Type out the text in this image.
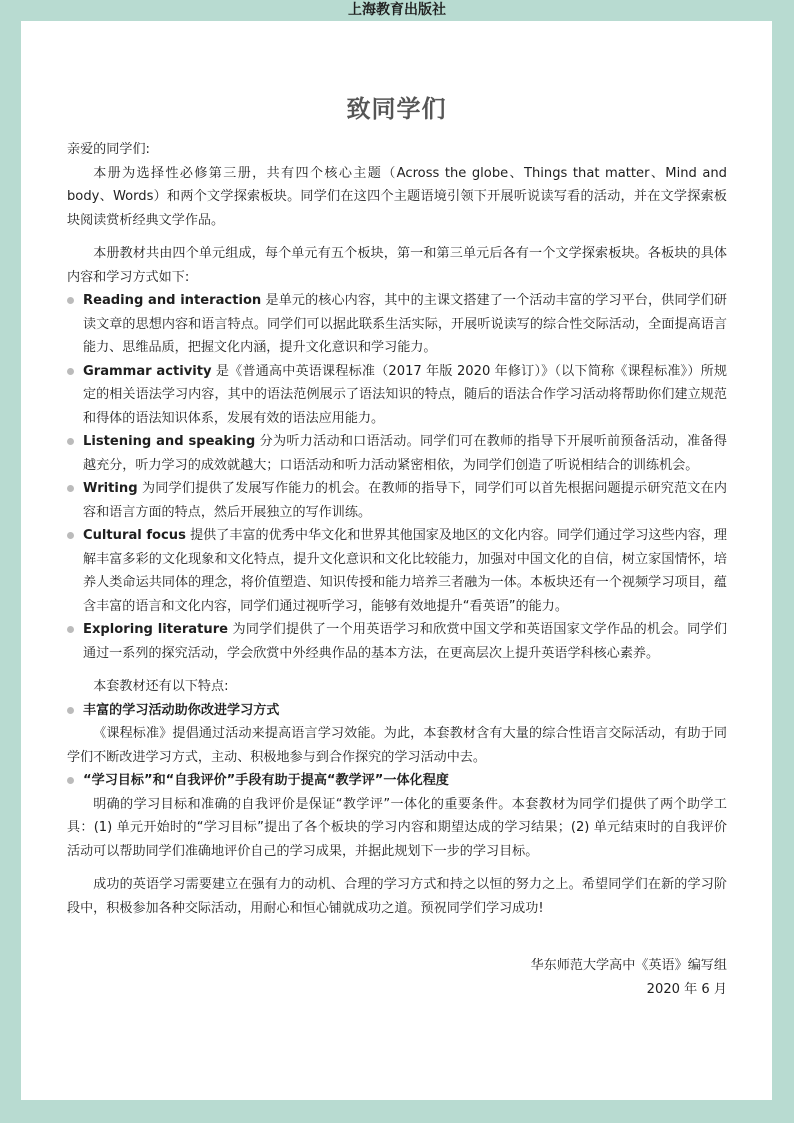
上海教育出版社
致同学们

亲爱的同学们:

本册为选择性必修第三册，共有四个核心主题（Across the globe、Things that matter、Mind and body、Words）和两个文学探索板块。同学们在这四个主题语境引领下开展听说读写看的活动，并在文学探索板块阅读赏析经典文学作品。

本册教材共由四个单元组成，每个单元有五个板块，第一和第三单元后各有一个文学探索板块。各板块的具体内容和学习方式如下:

Reading and interaction 是单元的核心内容，其中的主课文搭建了一个活动丰富的学习平台，供同学们研读文章的思想内容和语言特点。同学们可以据此联系生活实际，开展听说读写的综合性交际活动，全面提高语言能力、思维品质，把握文化内涵，提升文化意识和学习能力。

Grammar activity 是《普通高中英语课程标准（2017 年版 2020 年修订）》（以下简称《课程标准》）所规定的相关语法学习内容，其中的语法范例展示了语法知识的特点，随后的语法合作学习活动将帮助你们建立规范和得体的语法知识体系，发展有效的语法应用能力。

Listening and speaking 分为听力活动和口语活动。同学们可在教师的指导下开展听前预备活动，准备得越充分，听力学习的成效就越大；口语活动和听力活动紧密相依，为同学们创造了听说相结合的训练机会。

Writing 为同学们提供了发展写作能力的机会。在教师的指导下，同学们可以首先根据问题提示研究范文在内容和语言方面的特点，然后开展独立的写作训练。

Cultural focus 提供了丰富的优秀中华文化和世界其他国家及地区的文化内容。同学们通过学习这些内容，理解丰富多彩的文化现象和文化特点，提升文化意识和文化比较能力，加强对中国文化的自信，树立家国情怀，培养人类命运共同体的理念，将价值塑造、知识传授和能力培养三者融为一体。本板块还有一个视频学习项目，蕴含丰富的语言和文化内容，同学们通过视听学习，能够有效地提升“看英语”的能力。

Exploring literature 为同学们提供了一个用英语学习和欣赏中国文学和英语国家文学作品的机会。同学们通过一系列的探究活动，学会欣赏中外经典作品的基本方法，在更高层次上提升英语学科核心素养。

本套教材还有以下特点:

丰富的学习活动助你改进学习方式

《课程标准》提倡通过活动来提高语言学习效能。为此，本套教材含有大量的综合性语言交际活动，有助于同学们不断改进学习方式，主动、积极地参与到合作探究的学习活动中去。

“学习目标”和“自我评价”手段有助于提高“教学评”一体化程度

明确的学习目标和准确的自我评价是保证“教学评”一体化的重要条件。本套教材为同学们提供了两个助学工具：(1) 单元开始时的“学习目标”提出了各个板块的学习内容和期望达成的学习结果；(2) 单元结束时的自我评价活动可以帮助同学们准确地评价自己的学习成果，并据此规划下一步的学习目标。

成功的英语学习需要建立在强有力的动机、合理的学习方式和持之以恒的努力之上。希望同学们在新的学习阶段中，积极参加各种交际活动，用耐心和恒心铺就成功之道。预祝同学们学习成功!

华东师范大学高中《英语》编写组

2020 年 6 月
